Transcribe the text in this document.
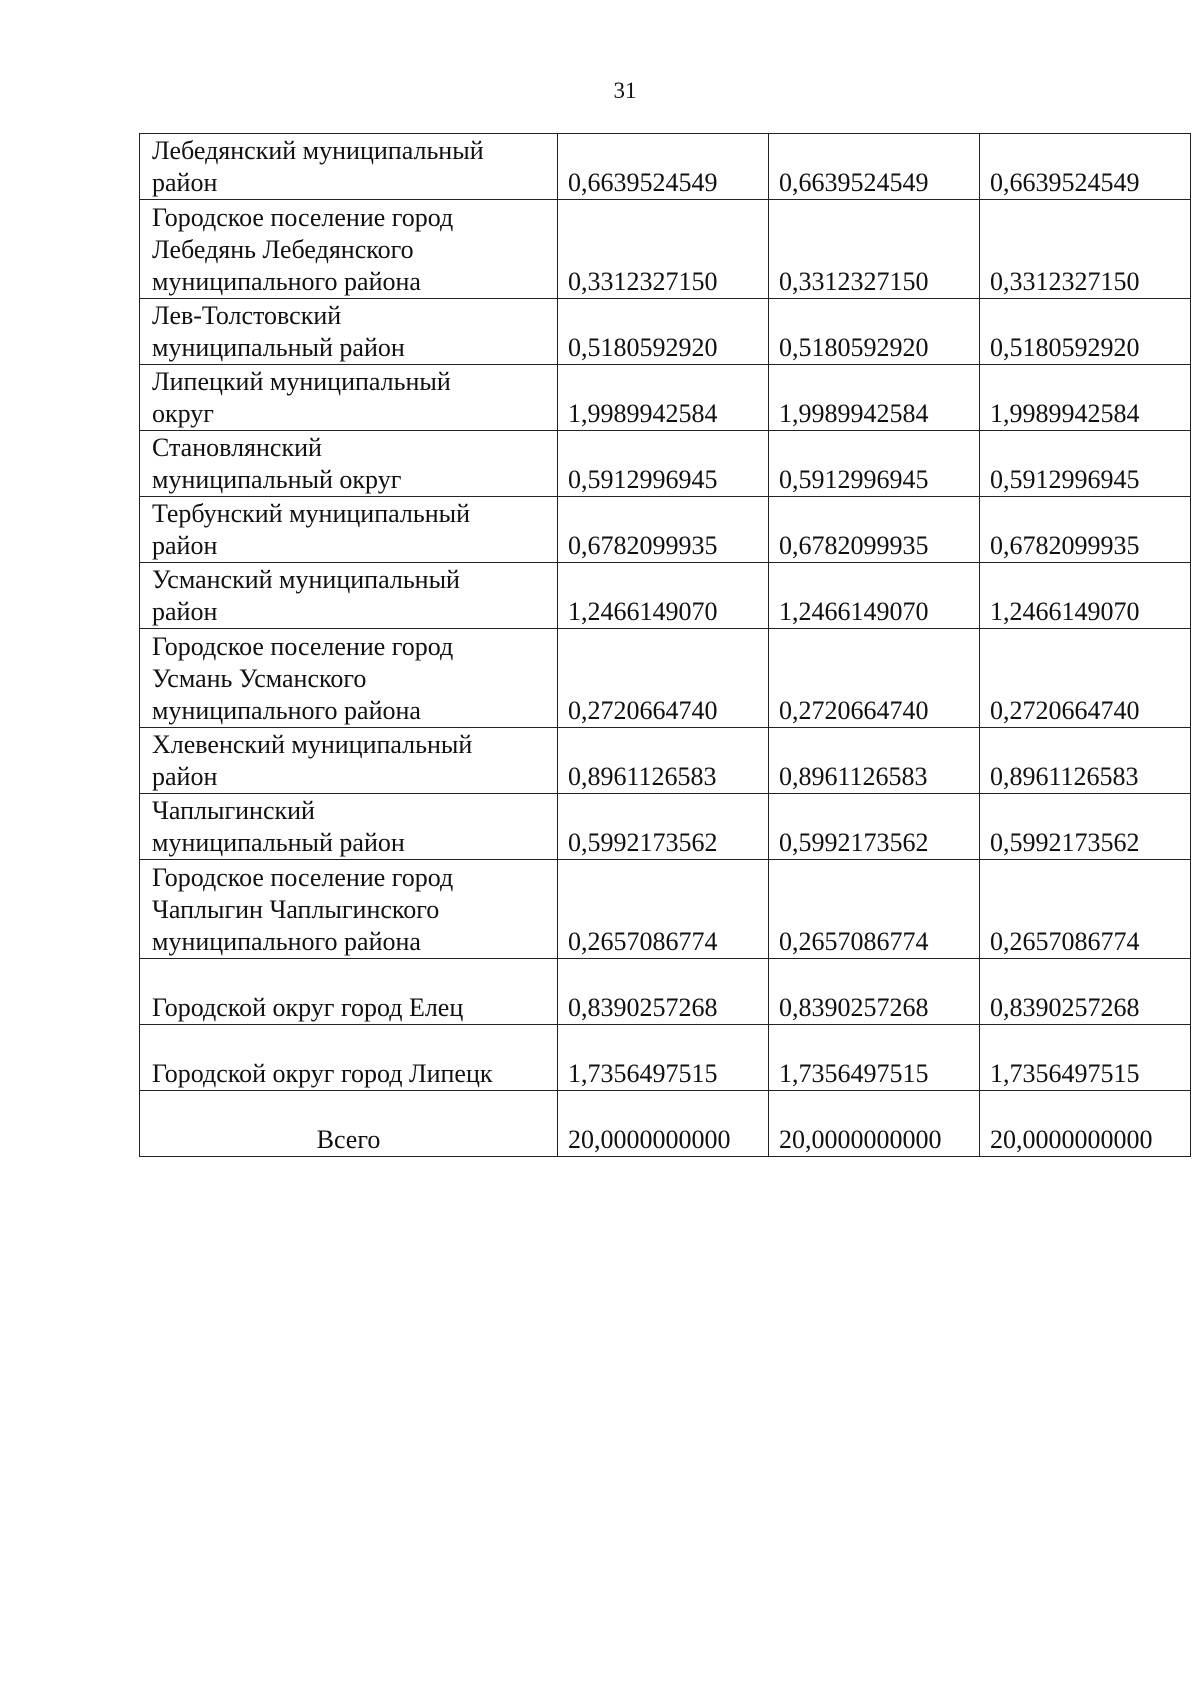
31
Лебедянский муниципальный
район	0,6639524549	0,6639524549	0,6639524549

Городское поселение город
Лебедянь Лебедянского
муниципального района	0,3312327150	0,3312327150	0,3312327150

Лев-Толстовский
муниципальный район	0,5180592920	0,5180592920	0,5180592920

Липецкий муниципальный
округ	1,9989942584	1,9989942584	1,9989942584

Становлянский
муниципальный округ	0,5912996945	0,5912996945	0,5912996945

Тербунский муниципальный
район	0,6782099935	0,6782099935	0,6782099935

Усманский муниципальный
район	1,2466149070	1,2466149070	1,2466149070

Городское поселение город
Усмань Усманского
муниципального района	0,2720664740	0,2720664740	0,2720664740

Хлевенский муниципальный
район	0,8961126583	0,8961126583	0,8961126583

Чаплыгинский
муниципальный район	0,5992173562	0,5992173562	0,5992173562

Городское поселение город
Чаплыгин Чаплыгинского
муниципального района	0,2657086774	0,2657086774	0,2657086774

Городской округ город Елец	0,8390257268	0,8390257268	0,8390257268

Городской округ город Липецк	1,7356497515	1,7356497515	1,7356497515
Всего	20,0000000000	20,0000000000	20,0000000000
